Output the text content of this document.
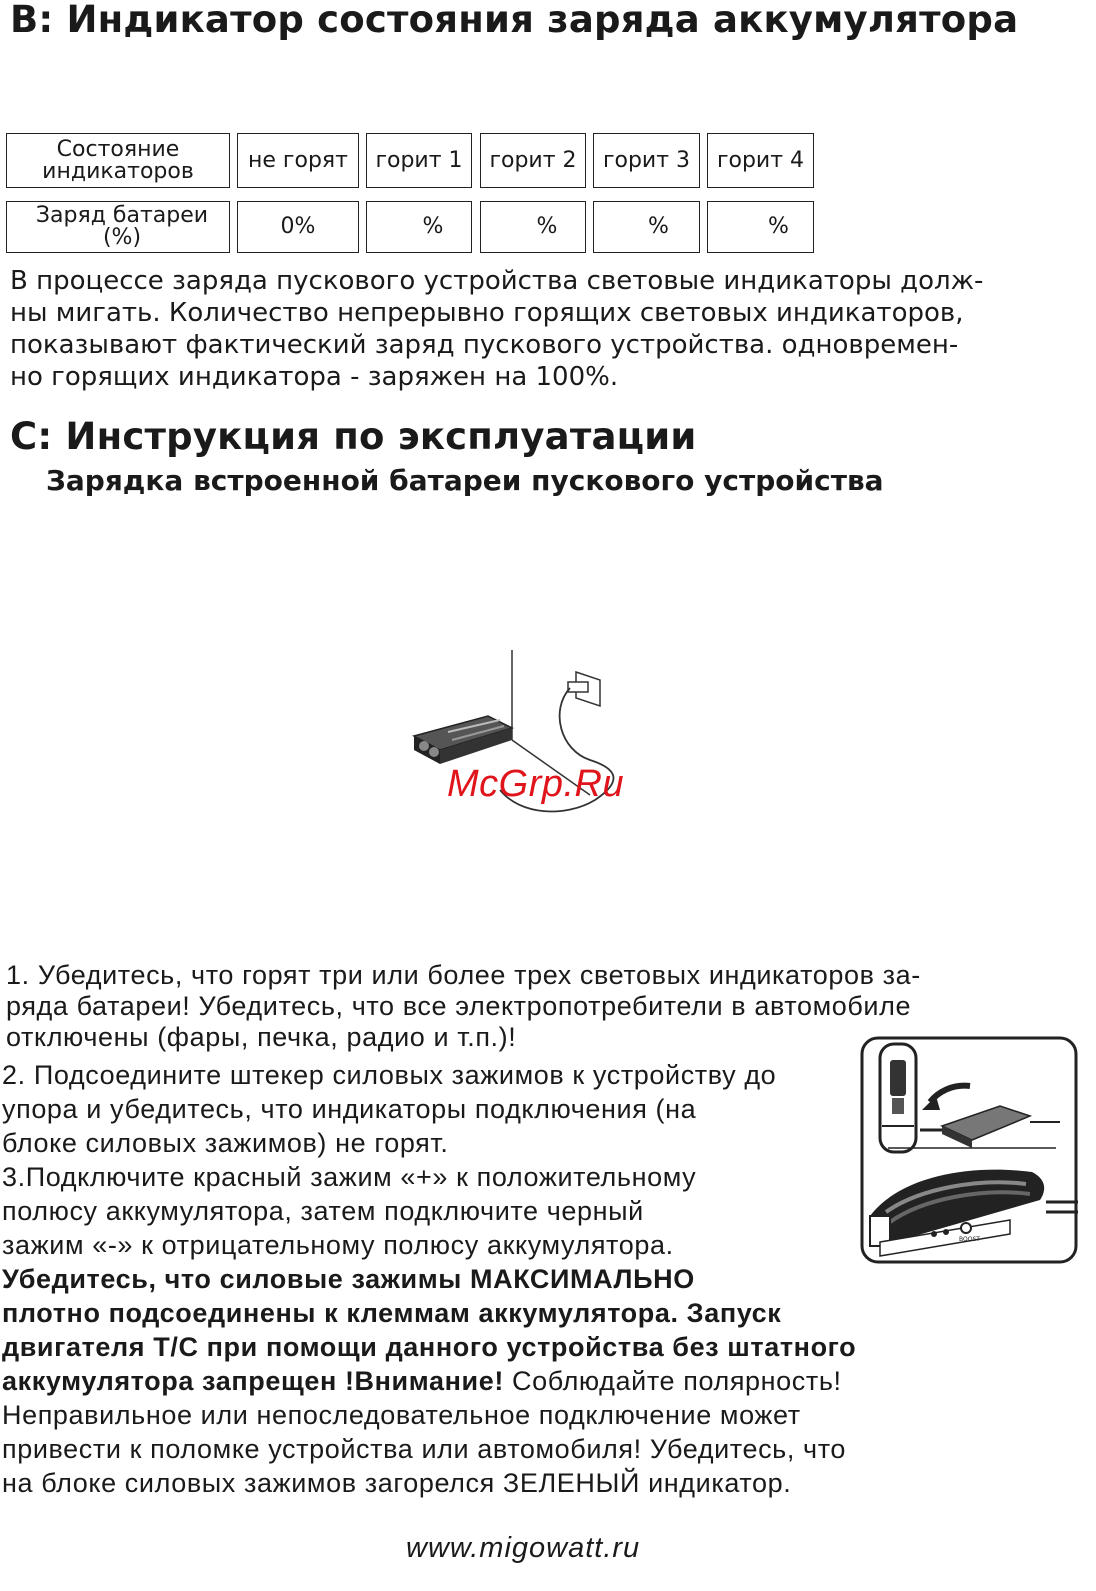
B: Индикатор состояния заряда аккумулятора
Состояние
индикаторов	не горят	горит 1	горит 2	горит 3	горит 4
Заряд батареи (%)	0%	%	%	%	%
В процессе заряда пускового устройства световые индикаторы долж-
ны мигать. Количество непрерывно горящих световых индикаторов,
показывают фактический заряд пускового устройства. одновремен-
но горящих индикатора - заряжен на 100%.
C: Инструкция по эксплуатации
Зарядка встроенной батареи пускового устройства
McGrp.Ru
1. Убедитесь, что горят три или более трех световых индикаторов за-
ряда батареи! Убедитесь, что все электропотребители в автомобиле
отключены (фары, печка, радио и т.п.)!
BOOST
2. Подсоедините штекер силовых зажимов к устройству до
упора и убедитесь, что индикаторы подключения (на
блоке силовых зажимов) не горят.
3.Подключите красный зажим «+» к положительному
полюсу аккумулятора, затем подключите черный
зажим «-» к отрицательному полюсу аккумулятора.
Убедитесь, что силовые зажимы МАКСИМАЛЬНО
плотно подсоединены к клеммам аккумулятора. Запуск
двигателя Т/С при помощи данного устройства без штатного
аккумулятора запрещен !Внимание! Соблюдайте полярность!
Неправильное или непоследовательное подключение может
привести к поломке устройства или автомобиля! Убедитесь, что
на блоке силовых зажимов загорелся ЗЕЛЕНЫЙ индикатор.
www.migowatt.ru
